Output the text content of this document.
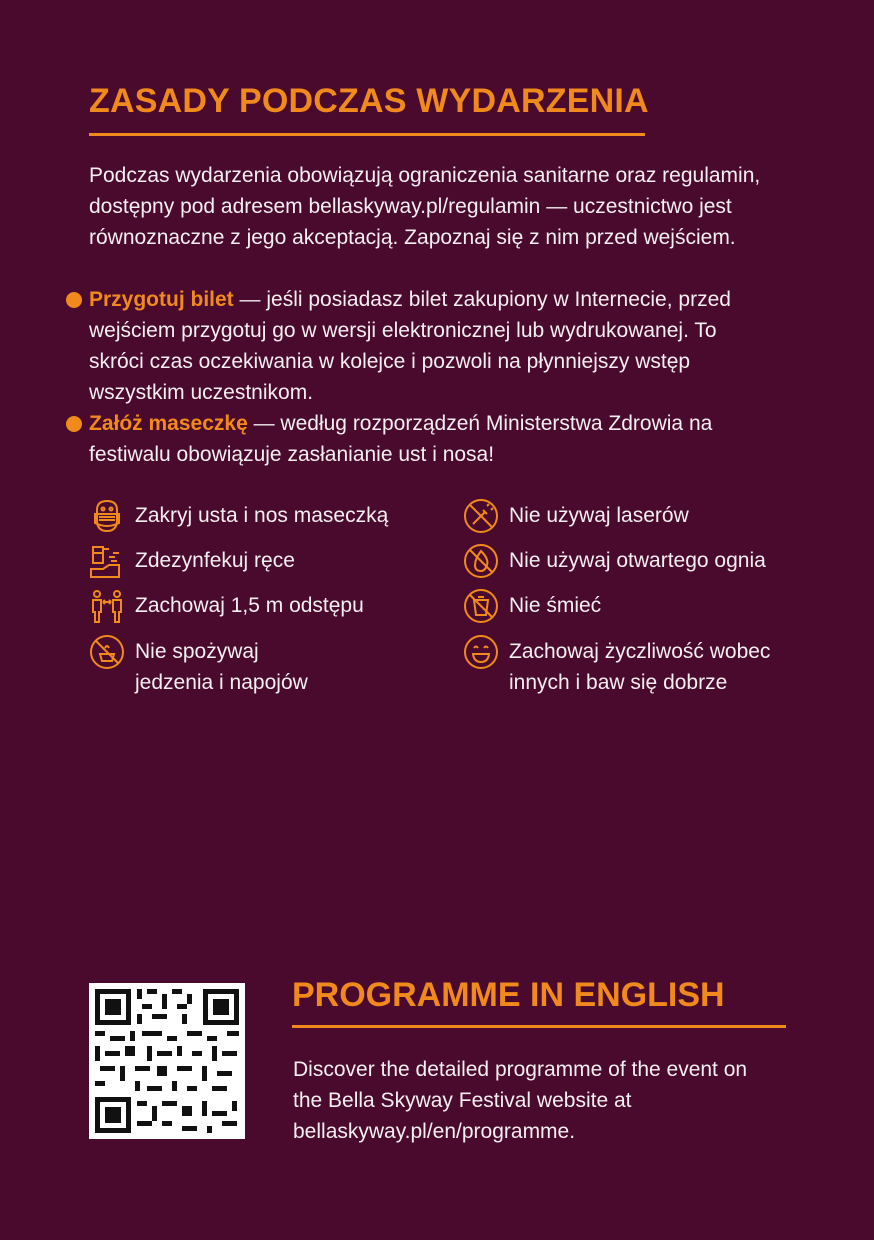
ZASADY PODCZAS WYDARZENIA
Podczas wydarzenia obowiązują ograniczenia sanitarne oraz regulamin, dostępny pod adresem bellaskyway.pl/regulamin — uczestnictwo jest równoznaczne z jego akceptacją. Zapoznaj się z nim przed wejściem.
Przygotuj bilet — jeśli posiadasz bilet zakupiony w Internecie, przed wejściem przygotuj go w wersji elektronicznej lub wydrukowanej. To skróci czas oczekiwania w kolejce i pozwoli na płynniejszy wstęp wszystkim uczestnikom.
Załóż maseczkę — według rozporządzeń Ministerstwa Zdrowia na festiwalu obowiązuje zasłanianie ust i nosa!
Zakryj usta i nos maseczką
Zdezynfekuj ręce
Zachowaj 1,5 m odstępu
Nie spożywaj
jedzenia i napojów
Nie używaj laserów
Nie używaj otwartego ognia
Nie śmieć
Zachowaj życzliwość wobec
innych i baw się dobrze
PROGRAMME IN ENGLISH
Discover the detailed programme of the event on the Bella Skyway Festival website at bellaskyway.pl/en/programme.
